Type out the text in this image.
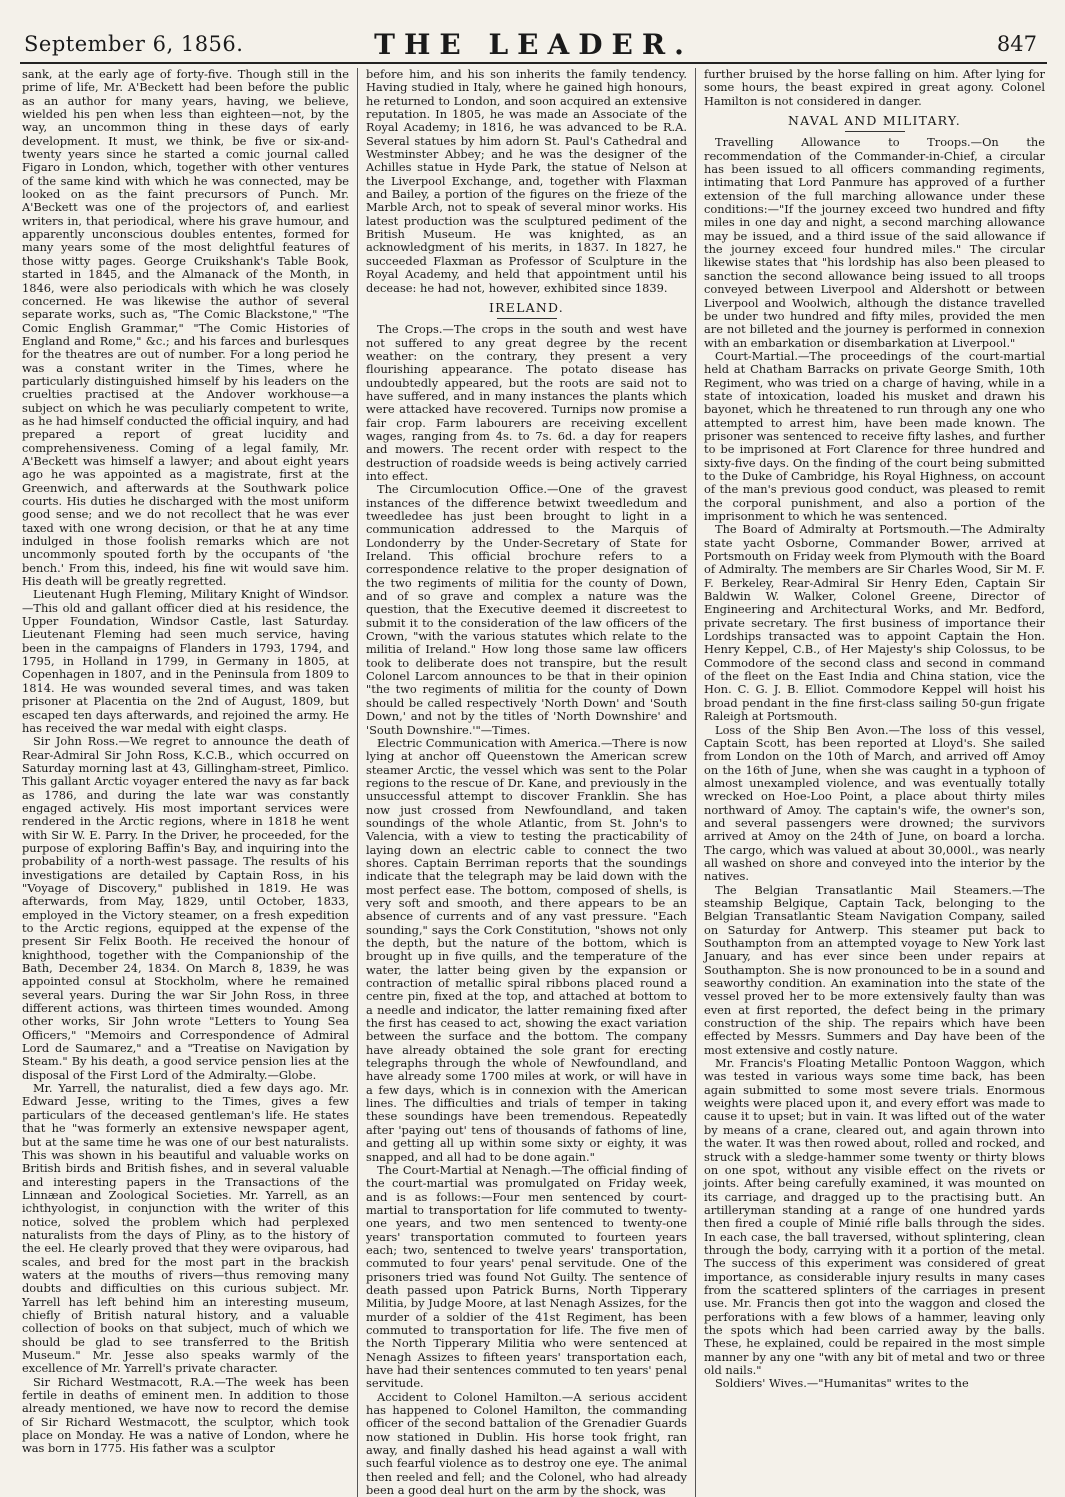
September 6, 1856.	THE LEADER.	847

sank, at the early age of forty-five. Though still in the prime of life, Mr. A'Beckett had been before the public as an author for many years, having, we believe, wielded his pen when less than eighteen—not, by the way, an uncommon thing in these days of early development. It must, we think, be five or six-and-twenty years since he started a comic journal called Figaro in London, which, together with other ventures of the same kind with which he was connected, may be looked on as the faint precursors of Punch. Mr. A'Beckett was one of the projectors of, and earliest writers in, that periodical, where his grave humour, and apparently unconscious doubles ententes, formed for many years some of the most delightful features of those witty pages. George Cruikshank's Table Book, started in 1845, and the Almanack of the Month, in 1846, were also periodicals with which he was closely concerned. He was likewise the author of several separate works, such as, "The Comic Blackstone," "The Comic English Grammar," "The Comic Histories of England and Rome," &c.; and his farces and burlesques for the theatres are out of number. For a long period he was a constant writer in the Times, where he particularly distinguished himself by his leaders on the cruelties practised at the Andover workhouse—a subject on which he was peculiarly competent to write, as he had himself conducted the official inquiry, and had prepared a report of great lucidity and comprehensiveness. Coming of a legal family, Mr. A'Beckett was himself a lawyer; and about eight years ago he was appointed as a magistrate, first at the Greenwich, and afterwards at the Southwark police courts. His duties he discharged with the most uniform good sense; and we do not recollect that he was ever taxed with one wrong decision, or that he at any time indulged in those foolish remarks which are not uncommonly spouted forth by the occupants of 'the bench.' From this, indeed, his fine wit would save him. His death will be greatly regretted.

Lieutenant Hugh Fleming, Military Knight of Windsor.—This old and gallant officer died at his residence, the Upper Foundation, Windsor Castle, last Saturday. Lieutenant Fleming had seen much service, having been in the campaigns of Flanders in 1793, 1794, and 1795, in Holland in 1799, in Germany in 1805, at Copenhagen in 1807, and in the Peninsula from 1809 to 1814. He was wounded several times, and was taken prisoner at Placentia on the 2nd of August, 1809, but escaped ten days afterwards, and rejoined the army. He has received the war medal with eight clasps.

Sir John Ross.—We regret to announce the death of Rear-Admiral Sir John Ross, K.C.B., which occurred on Saturday morning last at 43, Gillingham-street, Pimlico. This gallant Arctic voyager entered the navy as far back as 1786, and during the late war was constantly engaged actively. His most important services were rendered in the Arctic regions, where in 1818 he went with Sir W. E. Parry. In the Driver, he proceeded, for the purpose of exploring Baffin's Bay, and inquiring into the probability of a north-west passage. The results of his investigations are detailed by Captain Ross, in his "Voyage of Discovery," published in 1819. He was afterwards, from May, 1829, until October, 1833, employed in the Victory steamer, on a fresh expedition to the Arctic regions, equipped at the expense of the present Sir Felix Booth. He received the honour of knighthood, together with the Companionship of the Bath, December 24, 1834. On March 8, 1839, he was appointed consul at Stockholm, where he remained several years. During the war Sir John Ross, in three different actions, was thirteen times wounded. Among other works, Sir John wrote "Letters to Young Sea Officers," "Memoirs and Correspondence of Admiral Lord de Saumarez," and a "Treatise on Navigation by Steam." By his death, a good service pension lies at the disposal of the First Lord of the Admiralty.—Globe.

Mr. Yarrell, the naturalist, died a few days ago. Mr. Edward Jesse, writing to the Times, gives a few particulars of the deceased gentleman's life. He states that he "was formerly an extensive newspaper agent, but at the same time he was one of our best naturalists. This was shown in his beautiful and valuable works on British birds and British fishes, and in several valuable and interesting papers in the Transactions of the Linnæan and Zoological Societies. Mr. Yarrell, as an ichthyologist, in conjunction with the writer of this notice, solved the problem which had perplexed naturalists from the days of Pliny, as to the history of the eel. He clearly proved that they were oviparous, had scales, and bred for the most part in the brackish waters at the mouths of rivers—thus removing many doubts and difficulties on this curious subject. Mr. Yarrell has left behind him an interesting museum, chiefly of British natural history, and a valuable collection of books on that subject, much of which we should be glad to see transferred to the British Museum." Mr. Jesse also speaks warmly of the excellence of Mr. Yarrell's private character.

Sir Richard Westmacott, R.A.—The week has been fertile in deaths of eminent men. In addition to those already mentioned, we have now to record the demise of Sir Richard Westmacott, the sculptor, which took place on Monday. He was a native of London, where he was born in 1775. His father was a sculptor

before him, and his son inherits the family tendency. Having studied in Italy, where he gained high honours, he returned to London, and soon acquired an extensive reputation. In 1805, he was made an Associate of the Royal Academy; in 1816, he was advanced to be R.A. Several statues by him adorn St. Paul's Cathedral and Westminster Abbey; and he was the designer of the Achilles statue in Hyde Park, the statue of Nelson at the Liverpool Exchange, and, together with Flaxman and Bailey, a portion of the figures on the frieze of the Marble Arch, not to speak of several minor works. His latest production was the sculptured pediment of the British Museum. He was knighted, as an acknowledgment of his merits, in 1837. In 1827, he succeeded Flaxman as Professor of Sculpture in the Royal Academy, and held that appointment until his decease: he had not, however, exhibited since 1839.

IRELAND.

The Crops.—The crops in the south and west have not suffered to any great degree by the recent weather: on the contrary, they present a very flourishing appearance. The potato disease has undoubtedly appeared, but the roots are said not to have suffered, and in many instances the plants which were attacked have recovered. Turnips now promise a fair crop. Farm labourers are receiving excellent wages, ranging from 4s. to 7s. 6d. a day for reapers and mowers. The recent order with respect to the destruction of roadside weeds is being actively carried into effect.

The Circumlocution Office.—One of the gravest instances of the difference betwixt tweedledum and tweedledee has just been brought to light in a communication addressed to the Marquis of Londonderry by the Under-Secretary of State for Ireland. This official brochure refers to a correspondence relative to the proper designation of the two regiments of militia for the county of Down, and of so grave and complex a nature was the question, that the Executive deemed it discreetest to submit it to the consideration of the law officers of the Crown, "with the various statutes which relate to the militia of Ireland." How long those same law officers took to deliberate does not transpire, but the result Colonel Larcom announces to be that in their opinion "the two regiments of militia for the county of Down should be called respectively 'North Down' and 'South Down,' and not by the titles of 'North Downshire' and 'South Downshire.'"—Times.

Electric Communication with America.—There is now lying at anchor off Queenstown the American screw steamer Arctic, the vessel which was sent to the Polar regions to the rescue of Dr. Kane, and previously in the unsuccessful attempt to discover Franklin. She has now just crossed from Newfoundland, and taken soundings of the whole Atlantic, from St. John's to Valencia, with a view to testing the practicability of laying down an electric cable to connect the two shores. Captain Berriman reports that the soundings indicate that the telegraph may be laid down with the most perfect ease. The bottom, composed of shells, is very soft and smooth, and there appears to be an absence of currents and of any vast pressure. "Each sounding," says the Cork Constitution, "shows not only the depth, but the nature of the bottom, which is brought up in five quills, and the temperature of the water, the latter being given by the expansion or contraction of metallic spiral ribbons placed round a centre pin, fixed at the top, and attached at bottom to a needle and indicator, the latter remaining fixed after the first has ceased to act, showing the exact variation between the surface and the bottom. The company have already obtained the sole grant for erecting telegraphs through the whole of Newfoundland, and have already some 1700 miles at work, or will have in a few days, which is in connexion with the American lines. The difficulties and trials of temper in taking these soundings have been tremendous. Repeatedly after 'paying out' tens of thousands of fathoms of line, and getting all up within some sixty or eighty, it was snapped, and all had to be done again."

The Court-Martial at Nenagh.—The official finding of the court-martial was promulgated on Friday week, and is as follows:—Four men sentenced by court-martial to transportation for life commuted to twenty-one years, and two men sentenced to twenty-one years' transportation commuted to fourteen years each; two, sentenced to twelve years' transportation, commuted to four years' penal servitude. One of the prisoners tried was found Not Guilty. The sentence of death passed upon Patrick Burns, North Tipperary Militia, by Judge Moore, at last Nenagh Assizes, for the murder of a soldier of the 41st Regiment, has been commuted to transportation for life. The five men of the North Tipperary Militia who were sentenced at Nenagh Assizes to fifteen years' transportation each, have had their sentences commuted to ten years' penal servitude.

Accident to Colonel Hamilton.—A serious accident has happened to Colonel Hamilton, the commanding officer of the second battalion of the Grenadier Guards now stationed in Dublin. His horse took fright, ran away, and finally dashed his head against a wall with such fearful violence as to destroy one eye. The animal then reeled and fell; and the Colonel, who had already been a good deal hurt on the arm by the shock, was

further bruised by the horse falling on him. After lying for some hours, the beast expired in great agony. Colonel Hamilton is not considered in danger.

NAVAL AND MILITARY.

Travelling Allowance to Troops.—On the recommendation of the Commander-in-Chief, a circular has been issued to all officers commanding regiments, intimating that Lord Panmure has approved of a further extension of the full marching allowance under these conditions:—"If the journey exceed two hundred and fifty miles in one day and night, a second marching allowance may be issued, and a third issue of the said allowance if the journey exceed four hundred miles." The circular likewise states that "his lordship has also been pleased to sanction the second allowance being issued to all troops conveyed between Liverpool and Aldershott or between Liverpool and Woolwich, although the distance travelled be under two hundred and fifty miles, provided the men are not billeted and the journey is performed in connexion with an embarkation or disembarkation at Liverpool."

Court-Martial.—The proceedings of the court-martial held at Chatham Barracks on private George Smith, 10th Regiment, who was tried on a charge of having, while in a state of intoxication, loaded his musket and drawn his bayonet, which he threatened to run through any one who attempted to arrest him, have been made known. The prisoner was sentenced to receive fifty lashes, and further to be imprisoned at Fort Clarence for three hundred and sixty-five days. On the finding of the court being submitted to the Duke of Cambridge, his Royal Highness, on account of the man's previous good conduct, was pleased to remit the corporal punishment, and also a portion of the imprisonment to which he was sentenced.

The Board of Admiralty at Portsmouth.—The Admiralty state yacht Osborne, Commander Bower, arrived at Portsmouth on Friday week from Plymouth with the Board of Admiralty. The members are Sir Charles Wood, Sir M. F. F. Berkeley, Rear-Admiral Sir Henry Eden, Captain Sir Baldwin W. Walker, Colonel Greene, Director of Engineering and Architectural Works, and Mr. Bedford, private secretary. The first business of importance their Lordships transacted was to appoint Captain the Hon. Henry Keppel, C.B., of Her Majesty's ship Colossus, to be Commodore of the second class and second in command of the fleet on the East India and China station, vice the Hon. C. G. J. B. Elliot. Commodore Keppel will hoist his broad pendant in the fine first-class sailing 50-gun frigate Raleigh at Portsmouth.

Loss of the Ship Ben Avon.—The loss of this vessel, Captain Scott, has been reported at Lloyd's. She sailed from London on the 10th of March, and arrived off Amoy on the 16th of June, when she was caught in a typhoon of almost unexampled violence, and was eventually totally wrecked on Hoe-Loo Point, a place about thirty miles northward of Amoy. The captain's wife, the owner's son, and several passengers were drowned; the survivors arrived at Amoy on the 24th of June, on board a lorcha. The cargo, which was valued at about 30,000l., was nearly all washed on shore and conveyed into the interior by the natives.

The Belgian Transatlantic Mail Steamers.—The steamship Belgique, Captain Tack, belonging to the Belgian Transatlantic Steam Navigation Company, sailed on Saturday for Antwerp. This steamer put back to Southampton from an attempted voyage to New York last January, and has ever since been under repairs at Southampton. She is now pronounced to be in a sound and seaworthy condition. An examination into the state of the vessel proved her to be more extensively faulty than was even at first reported, the defect being in the primary construction of the ship. The repairs which have been effected by Messrs. Summers and Day have been of the most extensive and costly nature.

Mr. Francis's Floating Metallic Pontoon Waggon, which was tested in various ways some time back, has been again submitted to some most severe trials. Enormous weights were placed upon it, and every effort was made to cause it to upset; but in vain. It was lifted out of the water by means of a crane, cleared out, and again thrown into the water. It was then rowed about, rolled and rocked, and struck with a sledge-hammer some twenty or thirty blows on one spot, without any visible effect on the rivets or joints. After being carefully examined, it was mounted on its carriage, and dragged up to the practising butt. An artilleryman standing at a range of one hundred yards then fired a couple of Minié rifle balls through the sides. In each case, the ball traversed, without splintering, clean through the body, carrying with it a portion of the metal. The success of this experiment was considered of great importance, as considerable injury results in many cases from the scattered splinters of the carriages in present use. Mr. Francis then got into the waggon and closed the perforations with a few blows of a hammer, leaving only the spots which had been carried away by the balls. These, he explained, could be repaired in the most simple manner by any one "with any bit of metal and two or three old nails."

Soldiers' Wives.—"Humanitas" writes to the
